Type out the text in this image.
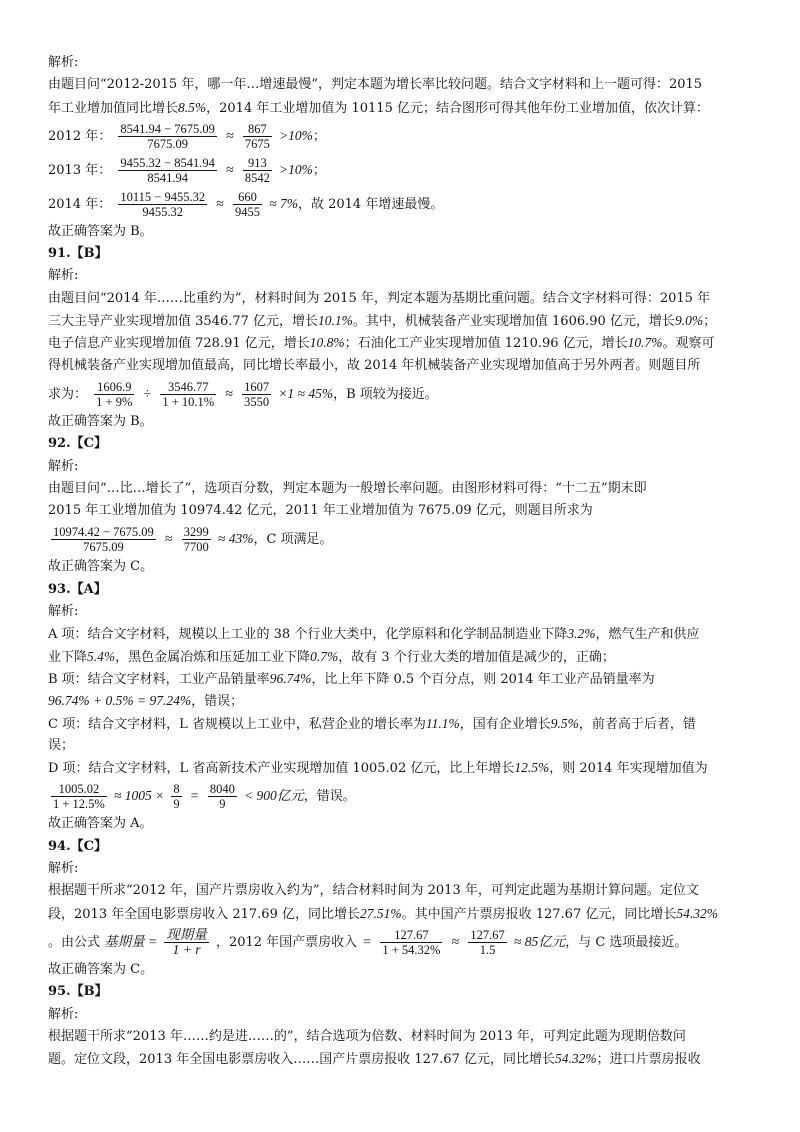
解析:
由题目问“2012-2015 年，哪一年…增速最慢”，判定本题为增长率比较问题。结合文字材料和上一题可得：2015
年工业增加值同比增长8.5%，2014 年工业增加值为 10115 亿元；结合图形可得其他年份工业增加值，依次计算：
2012 年： $\frac{8541.94 - 7675.09}{7675.09} \approx \frac{867}{7675} >10\%$；
2013 年： $\frac{9455.32 - 8541.94}{8541.94} \approx \frac{913}{8542} >10\%$；
2014 年： $\frac{10115 - 9455.32}{9455.32} \approx \frac{660}{9455} \approx 7\%$，故 2014 年增速最慢。
故正确答案为 B。
91.【B】
解析:
由题目问“2014 年……比重约为”，材料时间为 2015 年，判定本题为基期比重问题。结合文字材料可得：2015 年
三大主导产业实现增加值 3546.77 亿元，增长10.1%。其中，机械装备产业实现增加值 1606.90 亿元，增长9.0%；
电子信息产业实现增加值 728.91 亿元，增长10.8%；石油化工产业实现增加值 1210.96 亿元，增长10.7%。观察可
得机械装备产业实现增加值最高，同比增长率最小，故 2014 年机械装备产业实现增加值高于另外两者。则题目所
求为： $\frac{1606.9}{1 + 9\%} \div \frac{3546.77}{1 + 10.1\%} \approx \frac{1607}{3550} \times 1 \approx 45\%$，B 项较为接近。
故正确答案为 B。
92.【C】
解析:
由题目问“…比…增长了”，选项百分数，判定本题为一般增长率问题。由图形材料可得：“十二五”期末即
2015 年工业增加值为 10974.42 亿元，2011 年工业增加值为 7675.09 亿元，则题目所求为
$\frac{10974.42 - 7675.09}{7675.09} \approx \frac{3299}{7700} \approx 43\%$，C 项满足。
故正确答案为 C。
93.【A】
解析:
A 项：结合文字材料，规模以上工业的 38 个行业大类中，化学原料和化学制品制造业下降3.2%，燃气生产和供应
业下降5.4%，黑色金属冶炼和压延加工业下降0.7%，故有 3 个行业大类的增加值是减少的，正确；
B 项：结合文字材料，工业产品销量率96.74%，比上年下降 0.5 个百分点，则 2014 年工业产品销量率为
96.74% + 0.5% = 97.24%，错误；
C 项：结合文字材料，L 省规模以上工业中，私营企业的增长率为11.1%，国有企业增长9.5%，前者高于后者，错
误；
D 项：结合文字材料，L 省高新技术产业实现增加值 1005.02 亿元，比上年增长12.5%，则 2014 年实现增加值为
$\frac{1005.02}{1 + 12.5\%} \approx 1005 \times \frac{8}{9} = \frac{8040}{9} < 900$亿元，错误。
故正确答案为 A。
94.【C】
解析:
根据题干所求“2012 年，国产片票房收入约为”，结合材料时间为 2013 年，可判定此题为基期计算问题。定位文
段，2013 年全国电影票房收入 217.69 亿，同比增长27.51%。其中国产片票房报收 127.67 亿元，同比增长54.32%
。由公式 基期量 = $\frac{\text{现期量}}{1 + r}$ ，2012 年国产票房收入 = $\frac{127.67}{1 + 54.32\%} \approx \frac{127.67}{1.5} \approx 85$亿元，与 C 选项最接近。
故正确答案为 C。
95.【B】
解析:
根据题干所求“2013 年……约是进……的”，结合选项为倍数、材料时间为 2013 年，可判定此题为现期倍数问
题。定位文段，2013 年全国电影票房收入……国产片票房报收 127.67 亿元，同比增长54.32%；进口片票房报收
